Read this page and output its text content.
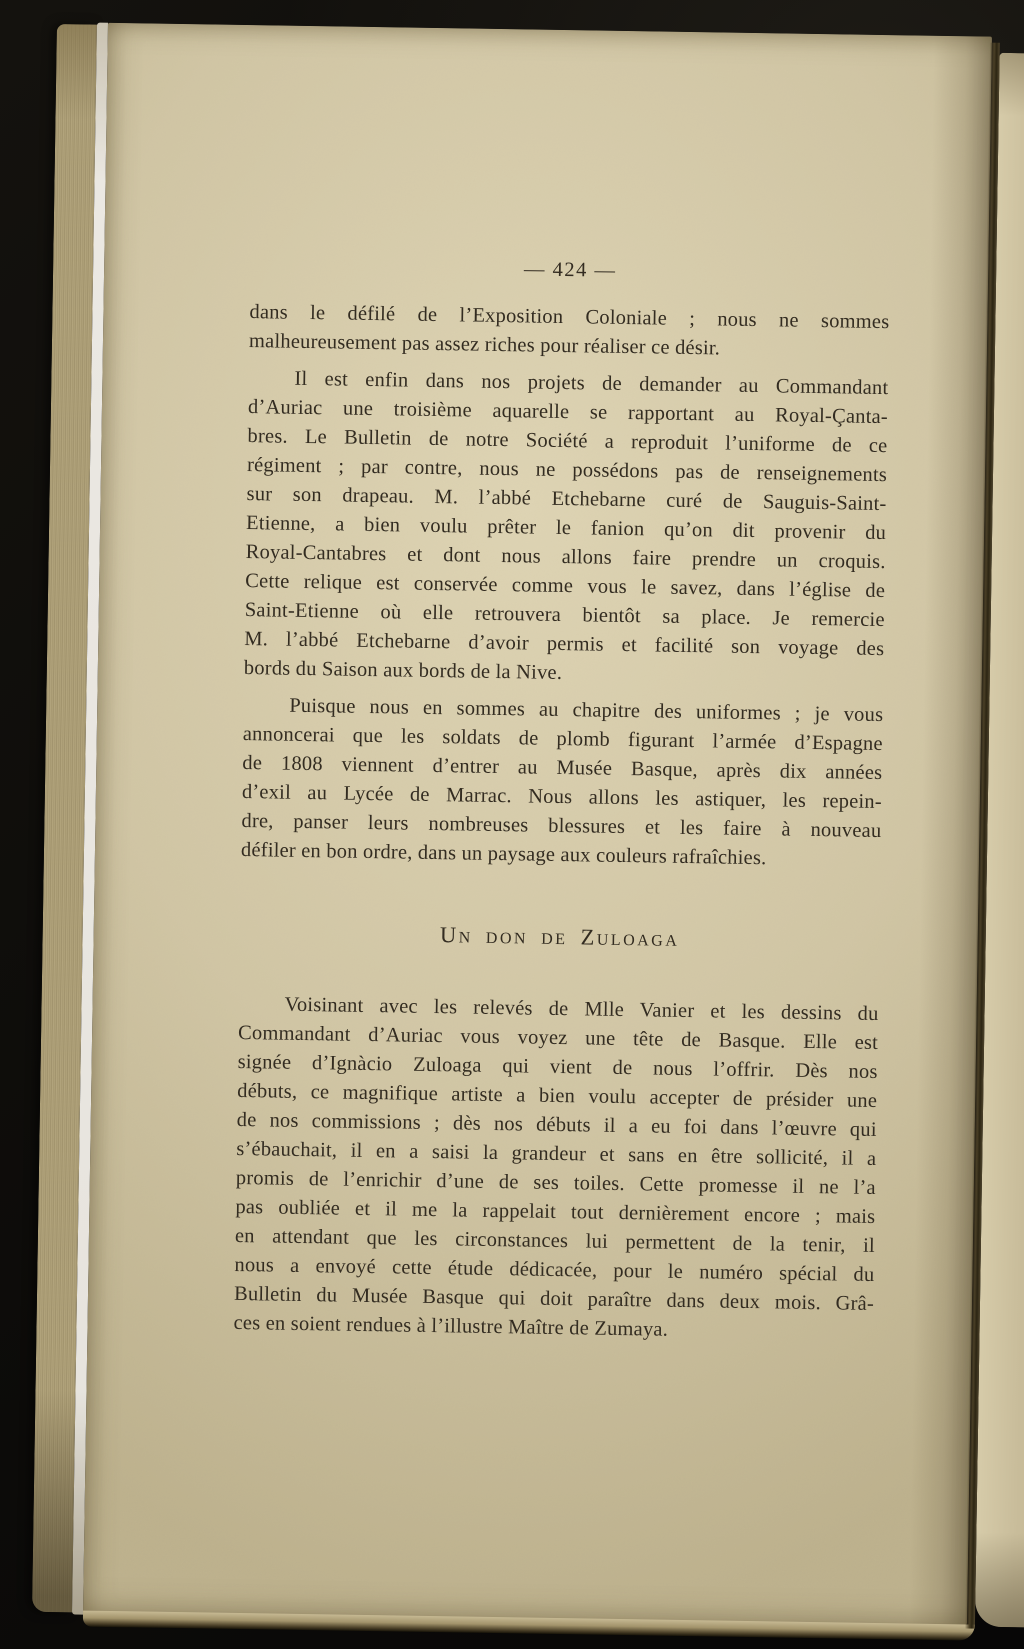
— 424 —
dans le défilé de l’Exposition Coloniale ; nous ne sommes
malheureusement pas assez riches pour réaliser ce désir.
Il est enfin dans nos projets de demander au Commandant
d’Auriac une troisième aquarelle se rapportant au Royal-Çanta-
bres. Le Bulletin de notre Société a reproduit l’uniforme de ce
régiment ; par contre, nous ne possédons pas de renseignements
sur son drapeau. M. l’abbé Etchebarne curé de Sauguis-Saint-
Etienne, a bien voulu prêter le fanion qu’on dit provenir du
Royal-Cantabres et dont nous allons faire prendre un croquis.
Cette relique est conservée comme vous le savez, dans l’église de
Saint-Etienne où elle retrouvera bientôt sa place. Je remercie
M. l’abbé Etchebarne d’avoir permis et facilité son voyage des
bords du Saison aux bords de la Nive.
Puisque nous en sommes au chapitre des uniformes ; je vous
annoncerai que les soldats de plomb figurant l’armée d’Espagne
de 1808 viennent d’entrer au Musée Basque, après dix années
d’exil au Lycée de Marrac. Nous allons les astiquer, les repein-
dre, panser leurs nombreuses blessures et les faire à nouveau
défiler en bon ordre, dans un paysage aux couleurs rafraîchies.
Un don de Zuloaga
Voisinant avec les relevés de Mlle Vanier et les dessins du
Commandant d’Auriac vous voyez une tête de Basque. Elle est
signée d’Ignàcio Zuloaga qui vient de nous l’offrir. Dès nos
débuts, ce magnifique artiste a bien voulu accepter de présider une
de nos commissions ; dès nos débuts il a eu foi dans l’œuvre qui
s’ébauchait, il en a saisi la grandeur et sans en être sollicité, il a
promis de l’enrichir d’une de ses toiles. Cette promesse il ne l’a
pas oubliée et il me la rappelait tout dernièrement encore ; mais
en attendant que les circonstances lui permettent de la tenir, il
nous a envoyé cette étude dédicacée, pour le numéro spécial du
Bulletin du Musée Basque qui doit paraître dans deux mois. Grâ-
ces en soient rendues à l’illustre Maître de Zumaya.
